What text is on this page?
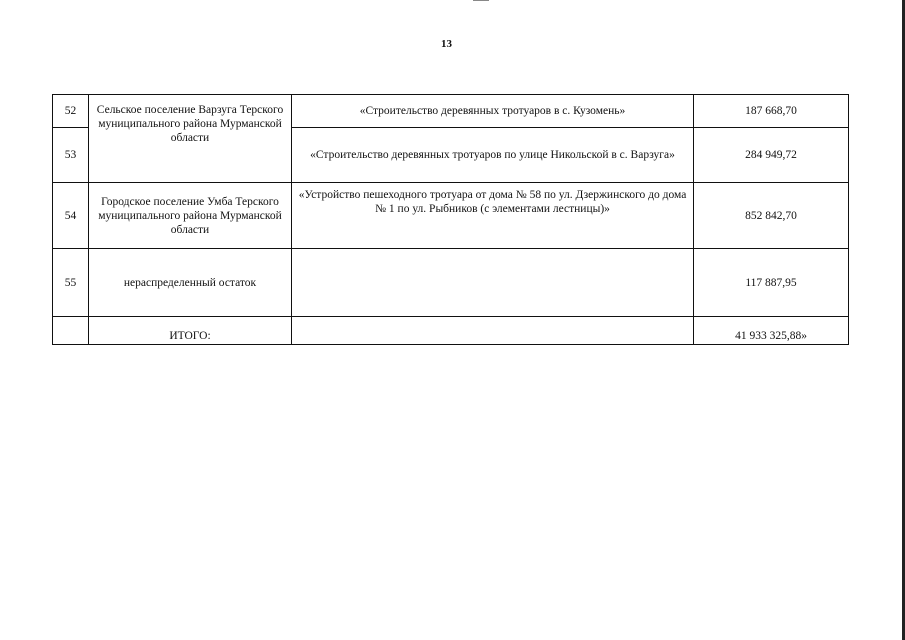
13
52	Сельское поселение Варзуга Терского муниципального района Мурманской области	«Строительство деревянных тротуаров в с. Кузомень»	187 668,70
53		«Строительство деревянных тротуаров по улице Никольской в с. Варзуга»	284 949,72
54	Городское поселение Умба Терского муниципального района Мурманской области	«Устройство пешеходного тротуара от дома № 58 по ул. Дзержинского до дома № 1 по ул. Рыбников (с элементами лестницы)»	852 842,70
55	нераспределенный остаток		117 887,95
	ИТОГО:		41 933 325,88»
